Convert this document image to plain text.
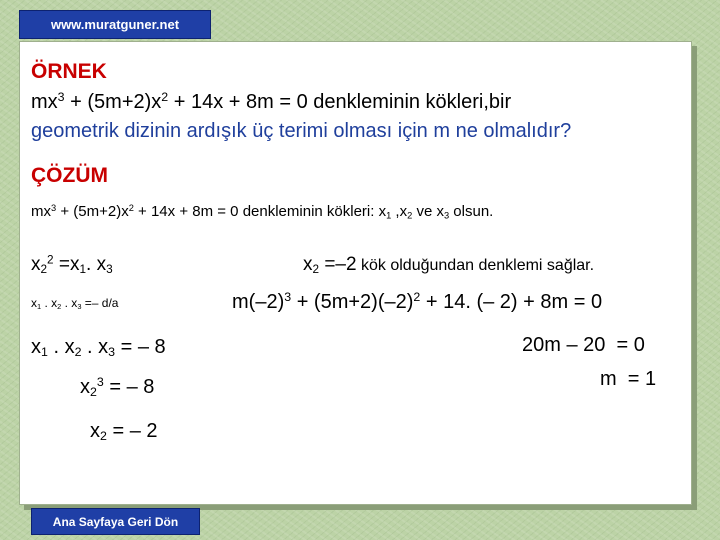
www.muratguner.net
ÖRNEK
$mx^3 + (5m+2)x^2 + 14x + 8m = 0$ denkleminin kökleri,bir
geometrik dizinin ardışık üç terimi olması için m ne olmalıdır?
ÇÖZÜM
$mx^3 + (5m+2)x^2 + 14x + 8m = 0$ denkleminin kökleri: $x_1$ $,x_2$ ve $x_3$ olsun.
$x_2^2 =x_1$. $x_3$
$x_1$ . $x_2$ . $x_3 =- d/a$
$x_1$ . $x_2$ . $x_3$ = – 8
$x_2^3$ = – 8
$x_2$ = – 2
$x_2 =-2$ kök olduğundan denklemi sağlar.
$m(-2)^3 + (5m+2)(-2)^2 + 14$. (– 2) + 8m = 0
20m – 20  = 0
m  = 1
Ana Sayfaya Geri Dön
